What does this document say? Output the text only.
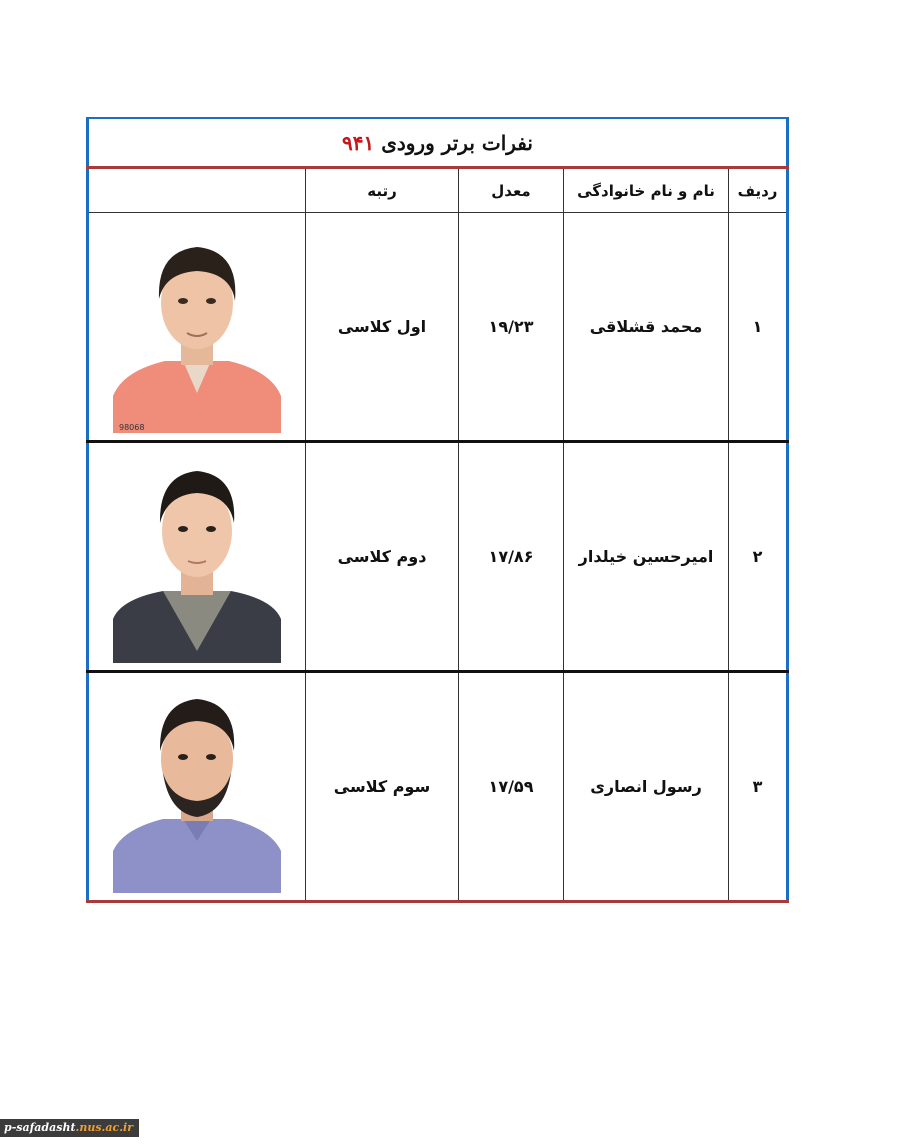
نفرات برتر ورودی ۹۴۱				
ردیف	نام و نام خانوادگی	معدل	رتبه	
۱	محمد قشلاقی	۱۹/۲۳	اول کلاسی	98068

۲	امیرحسین خیلدار	۱۷/۸۶	دوم کلاسی	

۳	رسول انصاری	۱۷/۵۹	سوم کلاسی	
p-safadasht.nus.ac.ir
